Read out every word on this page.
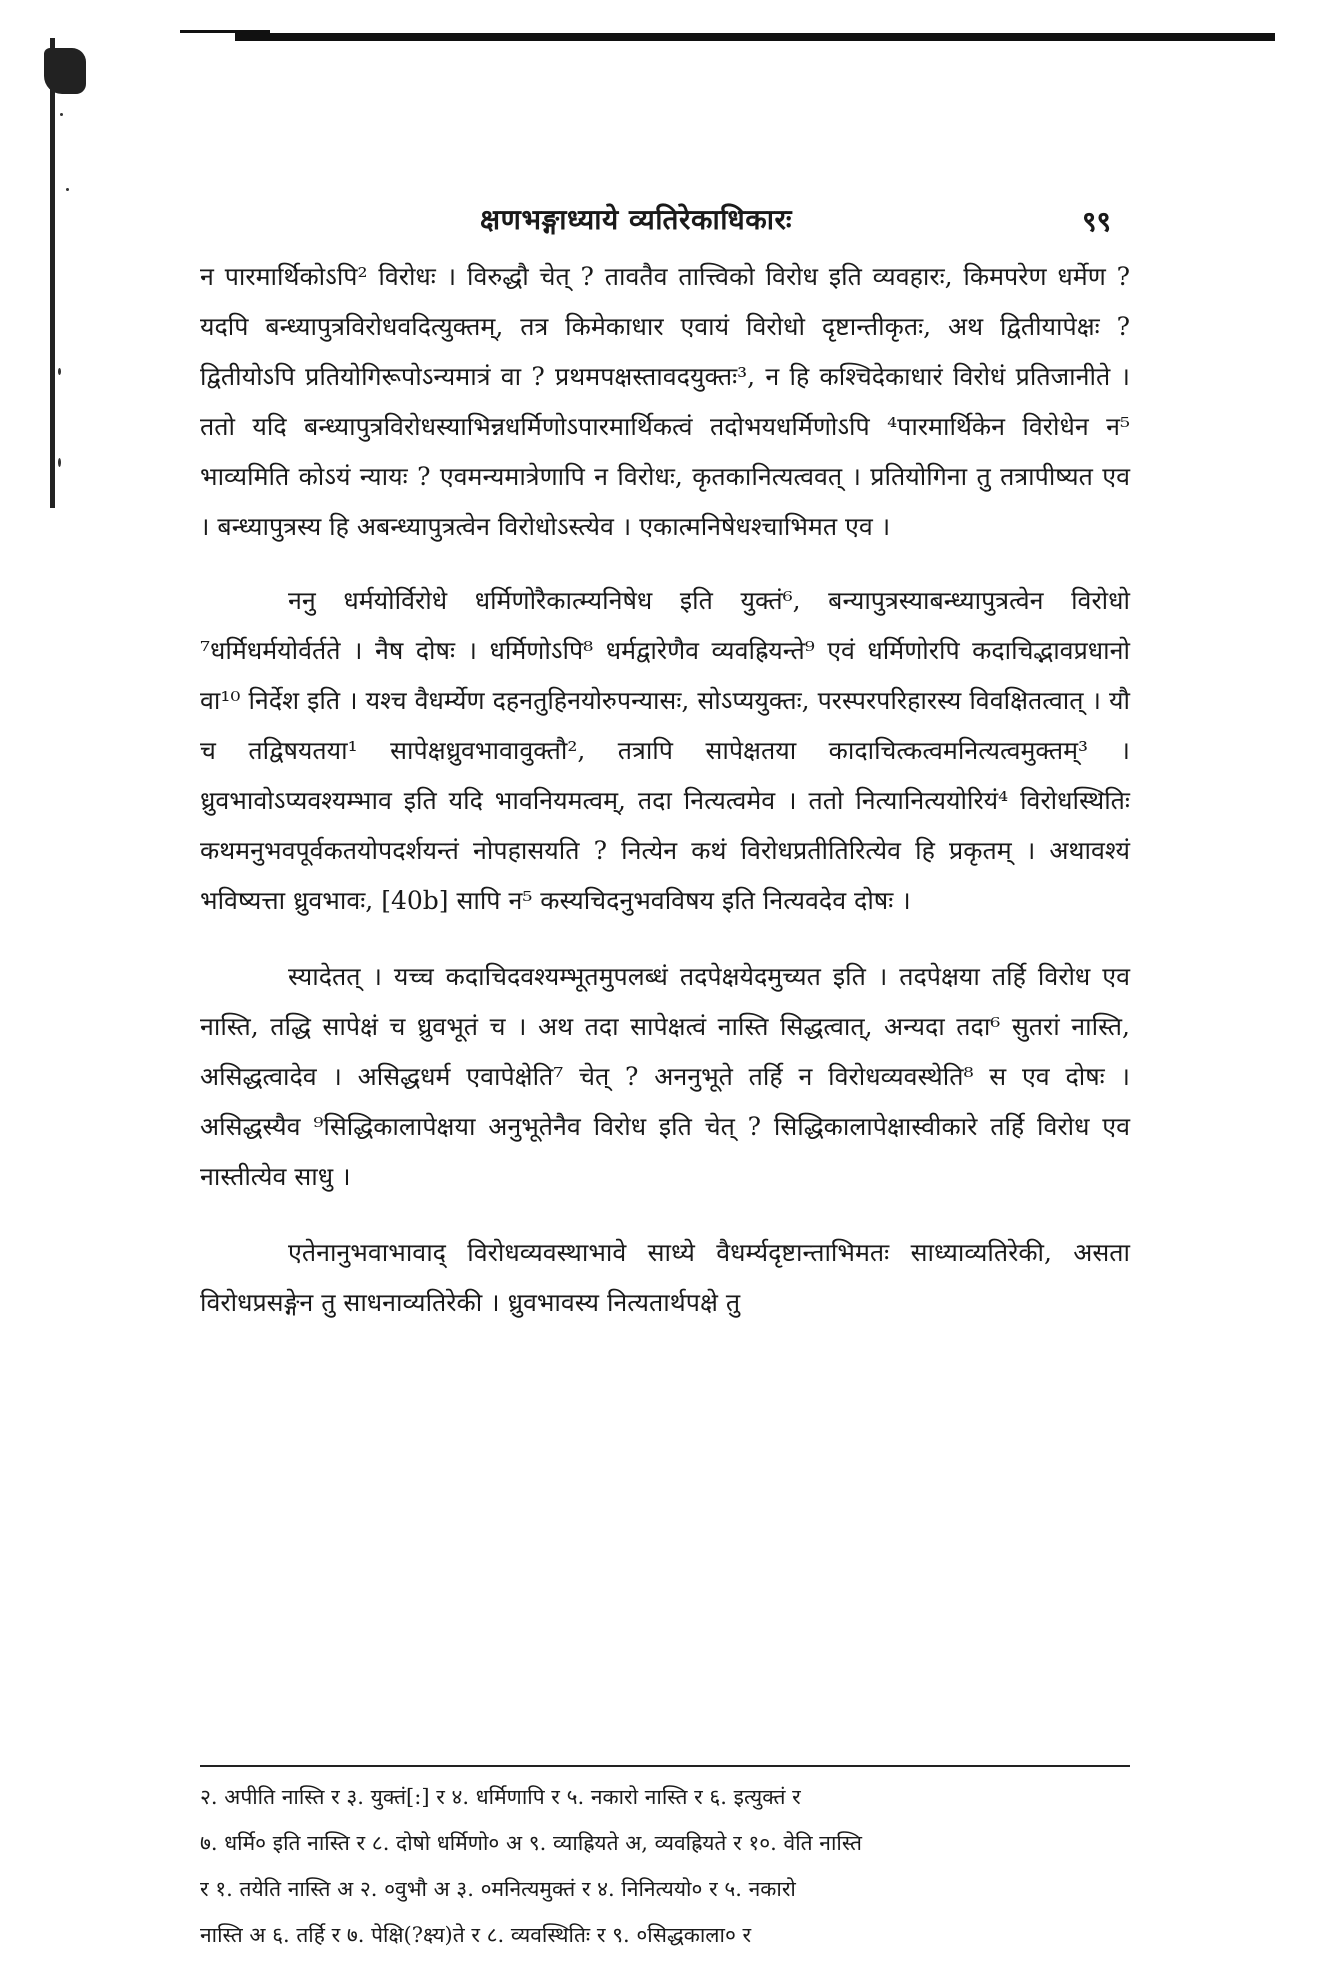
क्षणभङ्गाध्याये व्यतिरेकाधिकारः	९९

न पारमार्थिकोऽपि² विरोधः । विरुद्धौ चेत् ? तावतैव तात्त्विको विरोध इति व्यवहारः, किमपरेण धर्मेण ? यदपि बन्ध्यापुत्रविरोधवदित्युक्तम्, तत्र किमेकाधार एवायं विरोधो दृष्टान्तीकृतः, अथ द्वितीयापेक्षः ? द्वितीयोऽपि प्रतियोगिरूपोऽन्यमात्रं वा ? प्रथमपक्षस्तावदयुक्तः³, न हि कश्चिदेकाधारं विरोधं प्रतिजानीते । ततो यदि बन्ध्यापुत्रविरोधस्याभिन्नधर्मिणोऽपारमार्थिकत्वं तदोभयधर्मिणोऽपि ⁴पारमार्थिकेन विरोधेन न⁵ भाव्यमिति कोऽयं न्यायः ? एवमन्यमात्रेणापि न विरोधः, कृतकानित्यत्ववत् । प्रतियोगिना तु तत्रापीष्यत एव । बन्ध्यापुत्रस्य हि अबन्ध्यापुत्रत्वेन विरोधोऽस्त्येव । एकात्मनिषेधश्चाभिमत एव ।

ननु धर्मयोर्विरोधे धर्मिणोरैकात्म्यनिषेध इति युक्तं⁶, बन्यापुत्रस्याबन्ध्यापुत्रत्वेन विरोधो ⁷धर्मिधर्मयोर्वर्तते । नैष दोषः । धर्मिणोऽपि⁸ धर्मद्वारेणैव व्यवह्रियन्ते⁹ एवं धर्मिणोरपि कदाचिद्भावप्रधानो वा¹⁰ निर्देश इति । यश्च वैधर्म्येण दहनतुहिनयोरुपन्यासः, सोऽप्ययुक्तः, परस्परपरिहारस्य विवक्षितत्वात् । यौ च तद्विषयतया¹ सापेक्षध्रुवभावावुक्तौ², तत्रापि सापेक्षतया कादाचित्कत्वमनित्यत्वमुक्तम्³ । ध्रुवभावोऽप्यवश्यम्भाव इति यदि भावनियमत्वम्, तदा नित्यत्वमेव । ततो नित्यानित्ययोरियं⁴ विरोधस्थितिः कथमनुभवपूर्वकतयोपदर्शयन्तं नोपहासयति ? नित्येन कथं विरोधप्रतीतिरित्येव हि प्रकृतम् । अथावश्यं भविष्यत्ता ध्रुवभावः, [40b] सापि न⁵ कस्यचिदनुभवविषय इति नित्यवदेव दोषः ।

स्यादेतत् । यच्च कदाचिदवश्यम्भूतमुपलब्धं तदपेक्षयेदमुच्यत इति । तदपेक्षया तर्हि विरोध एव नास्ति, तद्धि सापेक्षं च ध्रुवभूतं च । अथ तदा सापेक्षत्वं नास्ति सिद्धत्वात्, अन्यदा तदा⁶ सुतरां नास्ति, असिद्धत्वादेव । असिद्धधर्म एवापेक्षेति⁷ चेत् ? अननुभूते तर्हि न विरोधव्यवस्थेति⁸ स एव दोषः । असिद्धस्यैव ⁹सिद्धिकालापेक्षया अनुभूतेनैव विरोध इति चेत् ? सिद्धिकालापेक्षास्वीकारे तर्हि विरोध एव नास्तीत्येव साधु ।

एतेनानुभवाभावाद् विरोधव्यवस्थाभावे साध्ये वैधर्म्यदृष्टान्ताभिमतः साध्याव्यतिरेकी, असता विरोधप्रसङ्गेन तु साधनाव्यतिरेकी । ध्रुवभावस्य नित्यतार्थपक्षे तु

२. अपीति नास्ति र ३. युक्तं[:] र ४. धर्मिणापि र ५. नकारो नास्ति र ६. इत्युक्तं र
७. धर्मि० इति नास्ति र ८. दोषो धर्मिणो० अ ९. व्याह्रियते अ, व्यवह्रियते र १०. वेति नास्ति
र १. तयेति नास्ति अ २. ०वुभौ अ ३. ०मनित्यमुक्तं र ४. निनित्ययो० र ५. नकारो
नास्ति अ ६. तर्हि र ७. पेक्षि(?क्ष्य)ते र ८. व्यवस्थितिः र ९. ०सिद्धकाला० र
